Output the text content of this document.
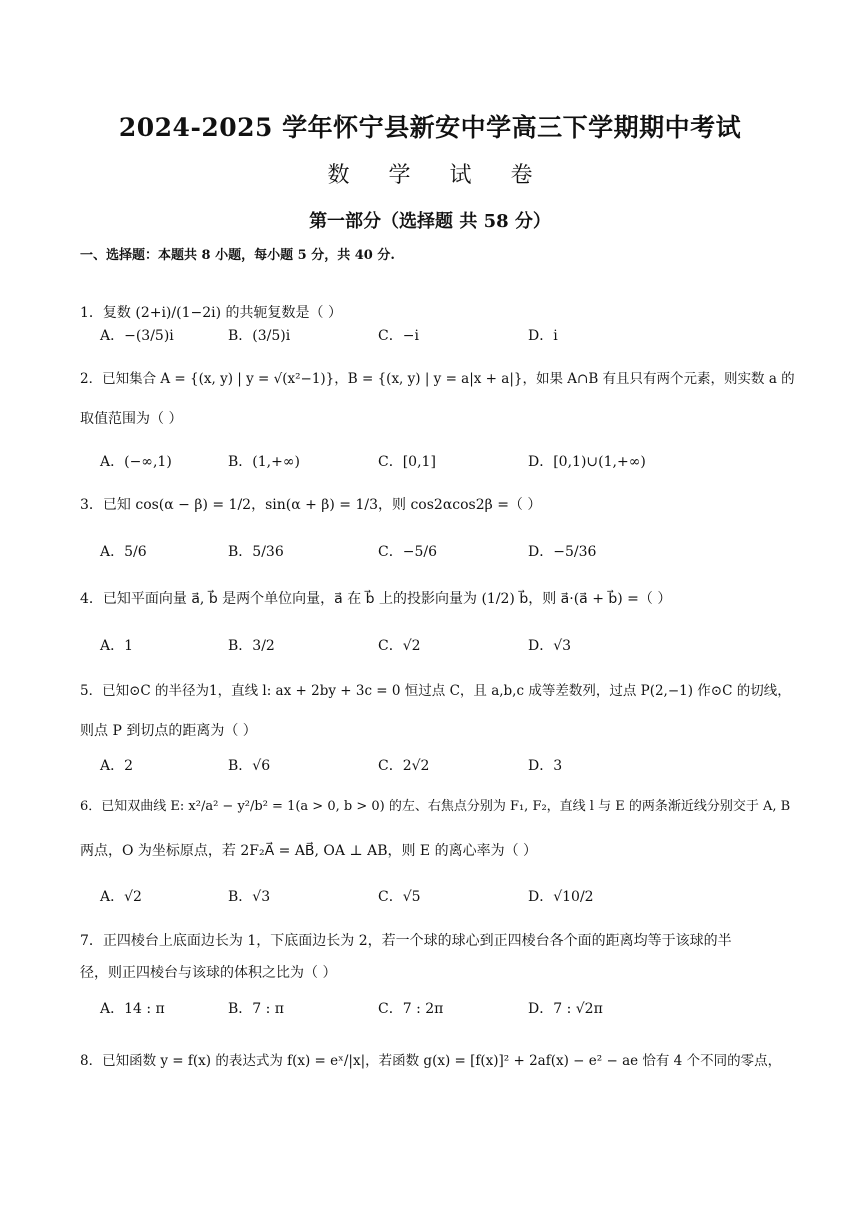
2024-2025 学年怀宁县新安中学高三下学期期中考试
数 学 试 卷
第一部分（选择题 共 58 分）
一、选择题：本题共 8 小题，每小题 5 分，共 40 分.
1．复数 (2+i)/(1−2i) 的共轭复数是（ ）
A．−(3/5)i	B．(3/5)i	C．−i	D．i
2．已知集合 A = {(x, y) | y = √(x²−1)}，B = {(x, y) | y = a|x + a|}，如果 A∩B 有且只有两个元素，则实数 a 的
取值范围为（ ）
A．(−∞,1)	B．(1,+∞)	C．[0,1]	D．[0,1)∪(1,+∞)
3．已知 cos(α − β) = 1/2，sin(α + β) = 1/3，则 cos2αcos2β =（ ）
A．5/6	B．5/36	C．−5/6	D．−5/36
4．已知平面向量 a⃗, b⃗ 是两个单位向量，a⃗ 在 b⃗ 上的投影向量为 (1/2) b⃗，则 a⃗·(a⃗ + b⃗) =（ ）
A．1	B．3/2	C．√2	D．√3
5．已知⊙C 的半径为1，直线 l: ax + 2by + 3c = 0 恒过点 C，且 a,b,c 成等差数列，过点 P(2,−1) 作⊙C 的切线，
则点 P 到切点的距离为（ ）
A．2	B．√6	C．2√2	D．3
6．已知双曲线 E: x²/a² − y²/b² = 1(a > 0, b > 0) 的左、右焦点分别为 F₁, F₂，直线 l 与 E 的两条渐近线分别交于 A, B
两点，O 为坐标原点，若 2F₂A⃗ = AB⃗, OA ⊥ AB，则 E 的离心率为（ ）
A．√2	B．√3	C．√5	D．√10/2
7．正四棱台上底面边长为 1，下底面边长为 2，若一个球的球心到正四棱台各个面的距离均等于该球的半
径，则正四棱台与该球的体积之比为（ ）
A．14 : π	B．7 : π	C．7 : 2π	D．7 : √2π
8．已知函数 y = f(x) 的表达式为 f(x) = eˣ/|x|，若函数 g(x) = [f(x)]² + 2af(x) − e² − ae 恰有 4 个不同的零点，
